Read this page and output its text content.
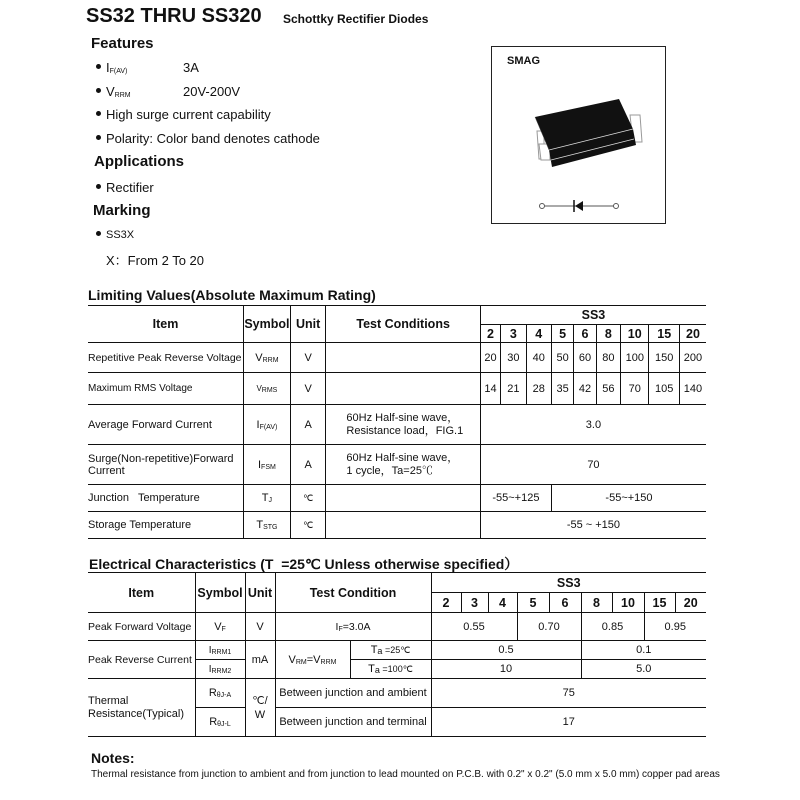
SS32 THRU SS320 Schottky Rectifier Diodes
Features
$I_{F(AV)}$	3A
$V_{RRM}$	20V-200V
High surge current capability
Polarity: Color band denotes cathode
Applications
Rectifier
Marking
SS3X
X：From 2 To 20
SMAG
Limiting Values(Absolute Maximum Rating)
Item	Symbol	Unit	Test Conditions	SS3								
				2	3	4	5	6	8	10	15	20
Repetitive Peak Reverse Voltage	$V_{RRM}$	V		20	30	40	50	60	80	100	150	200
Maximum RMS Voltage	$V_{RMS}$	V		14	21	28	35	42	56	70	105	140
Average Forward Current	$I_{F(AV)}$	A	60Hz Half-sine wave，
Resistance load，FIG.1	3.0								
Surge(Non-repetitive)Forward Current	$I_{FSM}$	A	60Hz Half-sine wave，
1 cycle，Ta=25℃	70								
Junction   Temperature	$T_J$	℃		-55~+125			-55~+150					
Storage Temperature	$T_{STG}$	℃		-55 ~ +150								
Electrical Characteristics (T  =25℃ Unless otherwise specified）
Item	Symbol	Unit	Test Condition		SS3								
					2	3	4	5	6	8	10	15	20
Peak Forward Voltage	$V_F$	V	$I_F=3.0A$		0.55			0.70		0.85		0.95	
Peak Reverse Current	$I_{RRM1}$	mA	$V_{RM}=V_{RRM}$	$T_a$ =25℃	0.5					0.1			
	$I_{RRM2}$			$T_a$ =100℃	10					5.0			
Thermal Resistance(Typical)	$R_{\theta J-A}$	℃/ W	Between junction and ambient		75								
	$R_{\theta J-L}$		Between junction and terminal		17								
Notes:
Thermal resistance from junction to ambient and from junction to lead mounted on P.C.B. with 0.2" x 0.2" (5.0 mm x 5.0 mm) copper pad areas
